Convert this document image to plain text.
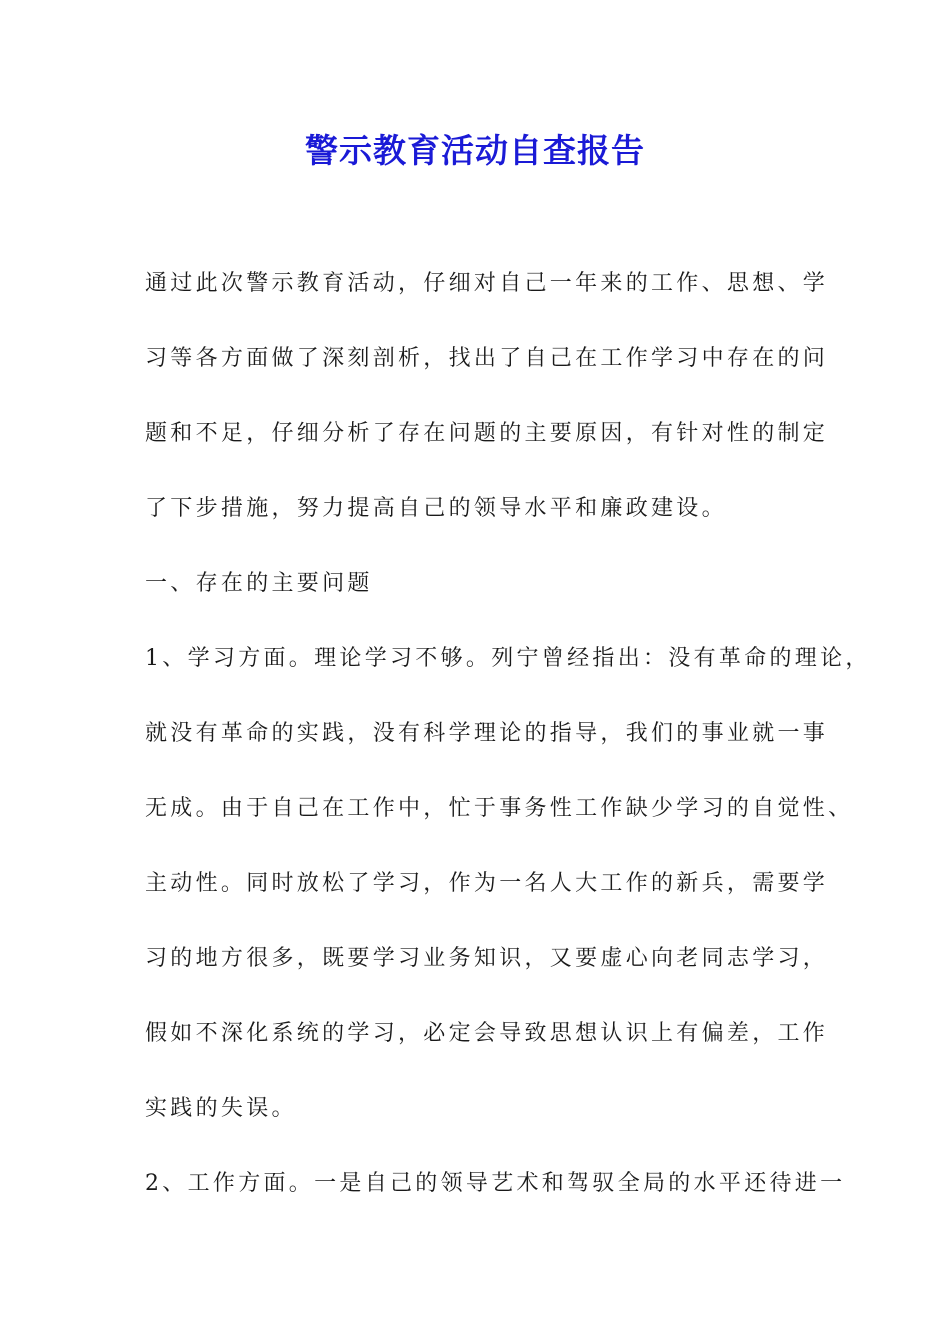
警示教育活动自查报告
通过此次警示教育活动，仔细对自己一年来的工作、思想、学
习等各方面做了深刻剖析，找出了自己在工作学习中存在的问
题和不足，仔细分析了存在问题的主要原因，有针对性的制定
了下步措施，努力提高自己的领导水平和廉政建设。
一、存在的主要问题
1、学习方面。理论学习不够。列宁曾经指出：没有革命的理论，
就没有革命的实践，没有科学理论的指导，我们的事业就一事
无成。由于自己在工作中，忙于事务性工作缺少学习的自觉性、
主动性。同时放松了学习，作为一名人大工作的新兵，需要学
习的地方很多，既要学习业务知识，又要虚心向老同志学习，
假如不深化系统的学习，必定会导致思想认识上有偏差，工作
实践的失误。
2、工作方面。一是自己的领导艺术和驾驭全局的水平还待进一
